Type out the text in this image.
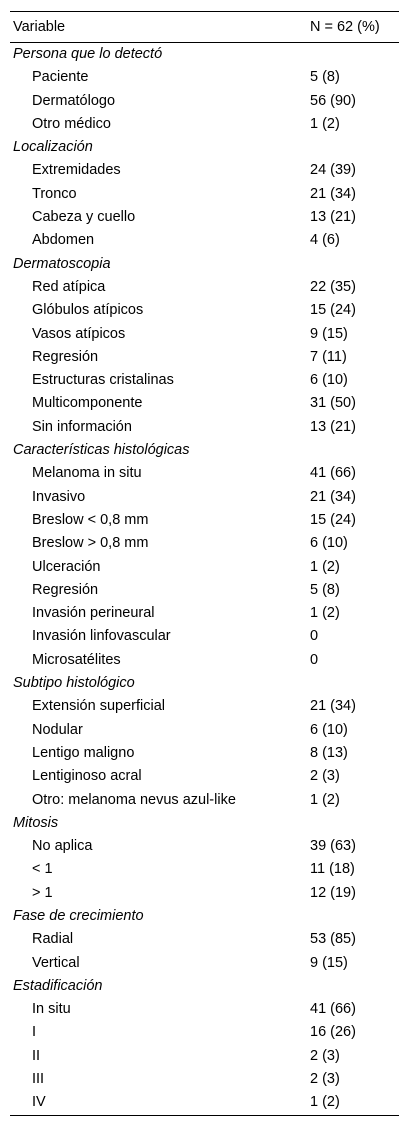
Variable	N = 62 (%)
Persona que lo detectó
Paciente	5 (8)
Dermatólogo	56 (90)
Otro médico	1 (2)
Localización
Extremidades	24 (39)
Tronco	21 (34)
Cabeza y cuello	13 (21)
Abdomen	4 (6)
Dermatoscopia
Red atípica	22 (35)
Glóbulos atípicos	15 (24)
Vasos atípicos	9 (15)
Regresión	7 (11)
Estructuras cristalinas	6 (10)
Multicomponente	31 (50)
Sin información	13 (21)
Características histológicas
Melanoma in situ	41 (66)
Invasivo	21 (34)
Breslow < 0,8 mm	15 (24)
Breslow > 0,8 mm	6 (10)
Ulceración	1 (2)
Regresión	5 (8)
Invasión perineural	1 (2)
Invasión linfovascular	0
Microsatélites	0
Subtipo histológico
Extensión superficial	21 (34)
Nodular	6 (10)
Lentigo maligno	8 (13)
Lentiginoso acral	2 (3)
Otro: melanoma nevus azul-like	1 (2)
Mitosis
No aplica	39 (63)
< 1	11 (18)
> 1	12 (19)
Fase de crecimiento
Radial	53 (85)
Vertical	9 (15)
Estadificación
In situ	41 (66)
I	16 (26)
II	2 (3)
III	2 (3)
IV	1 (2)
